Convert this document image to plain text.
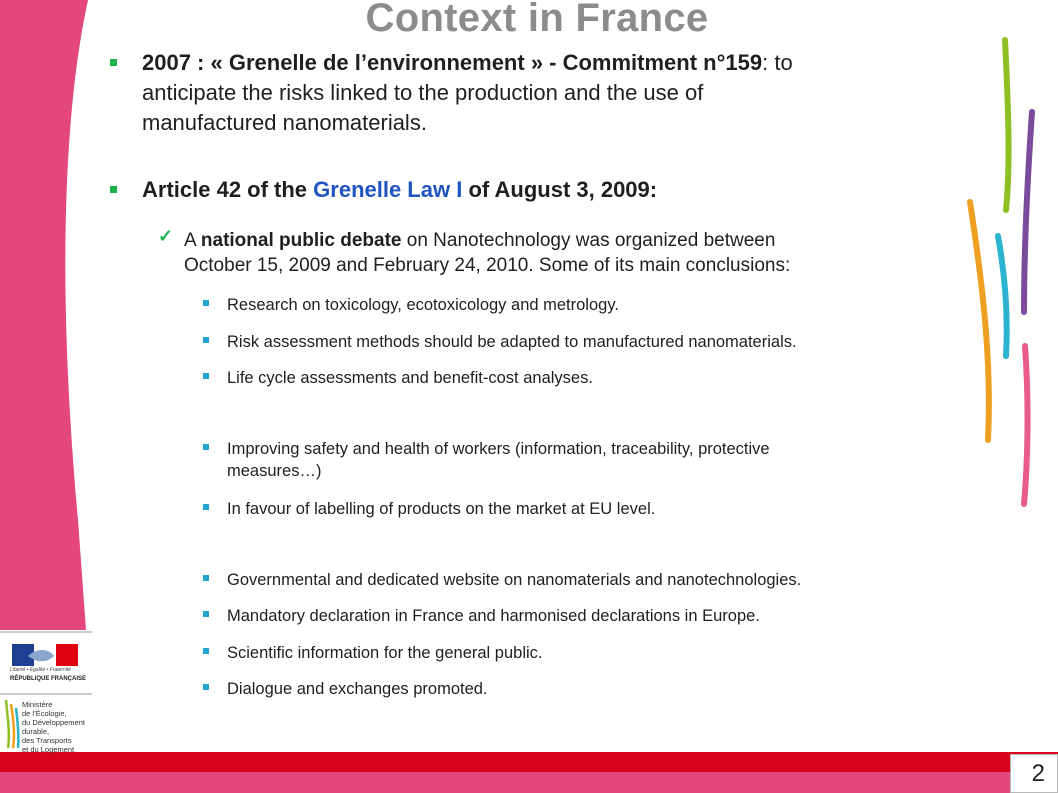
Context in France
2007 : « Grenelle de l’environnement » - Commitment n°159: to
anticipate the risks linked to the production and the use of
manufactured nanomaterials.
Article 42 of the Grenelle Law I of August 3, 2009:
✓ A national public debate on Nanotechnology was organized between
October 15, 2009 and February 24, 2010. Some of its main conclusions:
Research on toxicology, ecotoxicology and metrology.
Risk assessment methods should be adapted to manufactured nanomaterials.
Life cycle assessments and benefit-cost analyses.
Improving safety and health of workers (information, traceability, protective
measures…)
In favour of labelling of products on the market at EU level.
Governmental and dedicated website on nanomaterials and nanotechnologies.
Mandatory declaration in France and harmonised declarations in Europe.
Scientific information for the general public.
Dialogue and exchanges promoted.
Liberté • Égalité • Fraternité
RÉPUBLIQUE FRANÇAISE
Ministère
de l’Écologie,
du Développement
durable,
des Transports
et du Logement
2
